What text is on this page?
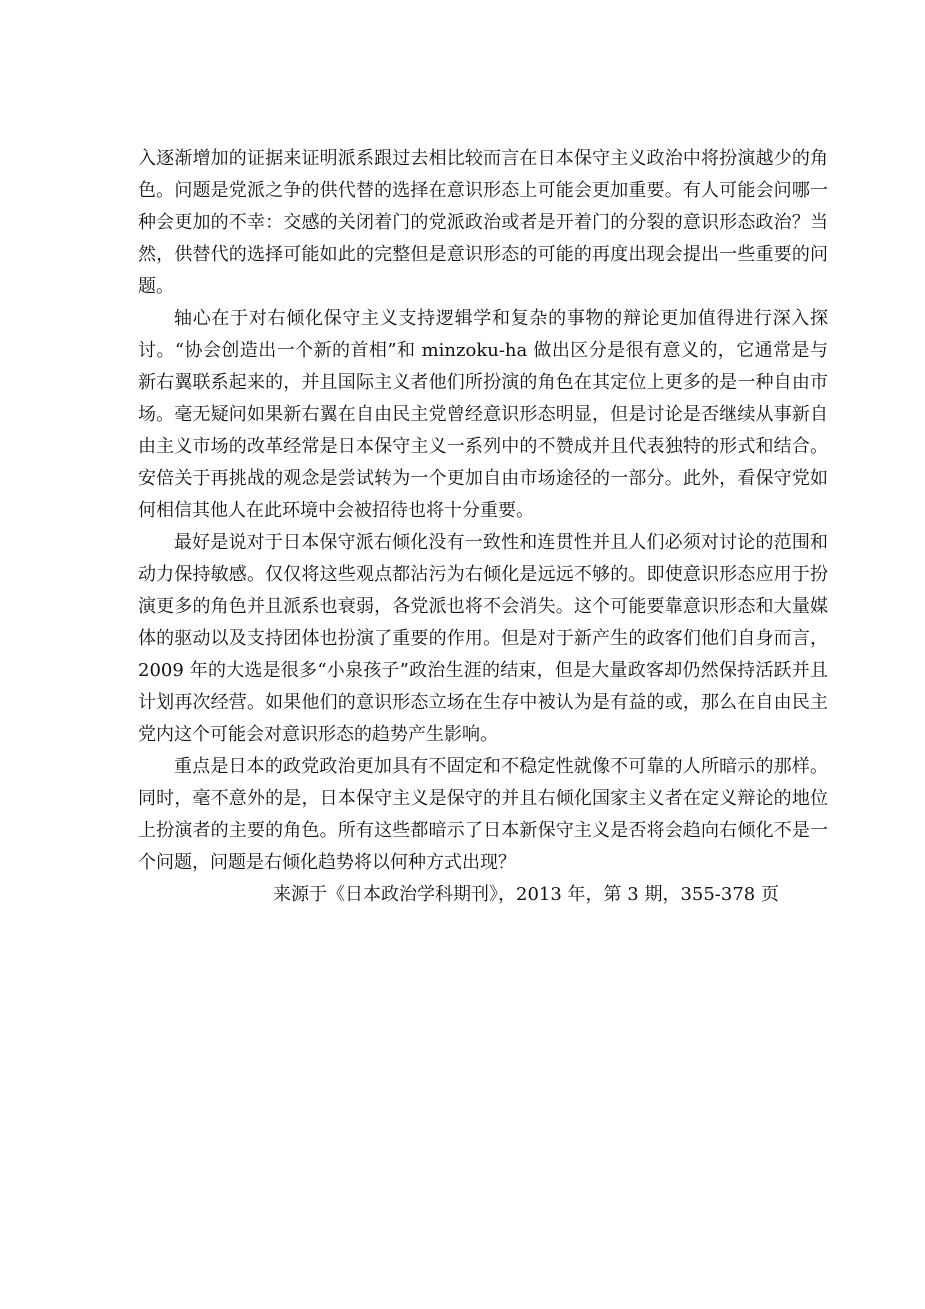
入逐渐增加的证据来证明派系跟过去相比较而言在日本保守主义政治中将扮演越少的角色。问题是党派之争的供代替的选择在意识形态上可能会更加重要。有人可能会问哪一种会更加的不幸：交感的关闭着门的党派政治或者是开着门的分裂的意识形态政治？当然，供替代的选择可能如此的完整但是意识形态的可能的再度出现会提出一些重要的问题。

轴心在于对右倾化保守主义支持逻辑学和复杂的事物的辩论更加值得进行深入探讨。“协会创造出一个新的首相”和 minzoku-ha 做出区分是很有意义的，它通常是与新右翼联系起来的，并且国际主义者他们所扮演的角色在其定位上更多的是一种自由市场。毫无疑问如果新右翼在自由民主党曾经意识形态明显，但是讨论是否继续从事新自由主义市场的改革经常是日本保守主义一系列中的不赞成并且代表独特的形式和结合。安倍关于再挑战的观念是尝试转为一个更加自由市场途径的一部分。此外，看保守党如何相信其他人在此环境中会被招待也将十分重要。

最好是说对于日本保守派右倾化没有一致性和连贯性并且人们必须对讨论的范围和动力保持敏感。仅仅将这些观点都沾污为右倾化是远远不够的。即使意识形态应用于扮演更多的角色并且派系也衰弱，各党派也将不会消失。这个可能要靠意识形态和大量媒体的驱动以及支持团体也扮演了重要的作用。但是对于新产生的政客们他们自身而言，2009 年的大选是很多“小泉孩子”政治生涯的结束，但是大量政客却仍然保持活跃并且计划再次经营。如果他们的意识形态立场在生存中被认为是有益的或，那么在自由民主党内这个可能会对意识形态的趋势产生影响。

重点是日本的政党政治更加具有不固定和不稳定性就像不可靠的人所暗示的那样。同时，毫不意外的是，日本保守主义是保守的并且右倾化国家主义者在定义辩论的地位上扮演者的主要的角色。所有这些都暗示了日本新保守主义是否将会趋向右倾化不是一个问题，问题是右倾化趋势将以何种方式出现？

来源于《日本政治学科期刊》，2013 年，第 3 期，355-378 页
